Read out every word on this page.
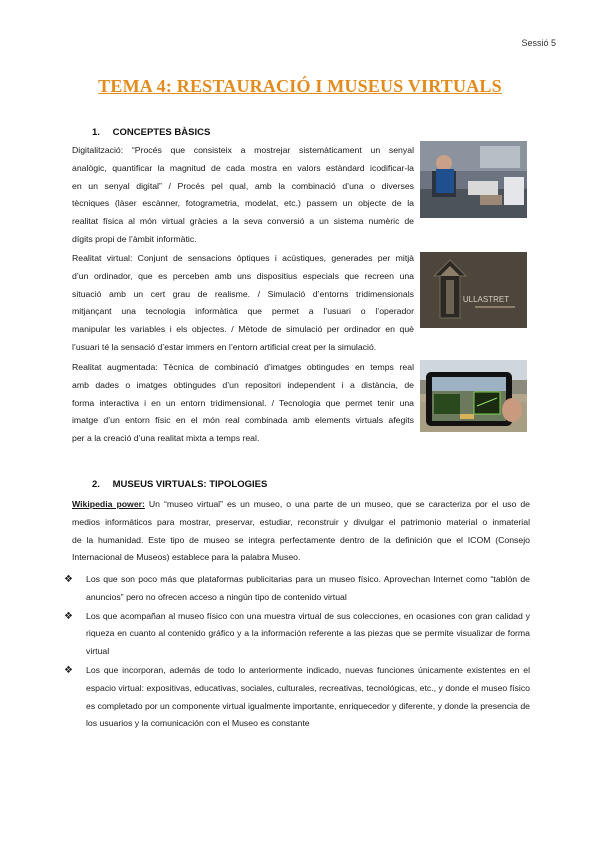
Sessió 5
TEMA 4: RESTAURACIÓ I MUSEUS VIRTUALS
1. CONCEPTES BÀSICS
Digitalització: “Procés que consisteix a mostrejar sistemàticament un senyal
analògic, quantificar la magnitud de cada mostra en valors estàndard icodificar-la
en un senyal digital” / Procés pel qual, amb la combinació d’una o diverses
tècniques (làser escànner, fotogrametria, modelat, etc.) passem un objecte de la
realitat física al món virtual gràcies a la seva conversió a un sistema numèric de
dígits propi de l’àmbit informàtic.
Realitat virtual: Conjunt de sensacions òptiques i acústiques, generades per mitjà
d’un ordinador, que es perceben amb uns dispositius especials que recreen una
situació amb un cert grau de realisme. / Simulació d’entorns tridimensionals
mitjançant una tecnologia informàtica que permet a l’usuari o l’operador
manipular les variables i els objectes. / Mètode de simulació per ordinador en què
l’usuari té la sensació d’estar immers en l’entorn artificial creat per la simulació.
Realitat augmentada: Tècnica de combinació d’imatges obtingudes en temps real
amb dades o imatges obtingudes d’un repositori independent i a distància, de
forma interactiva i en un entorn tridimensional. / Tecnologia que permet tenir una
imatge d’un entorn físic en el món real combinada amb elements virtuals afegits
per a la creació d’una realitat mixta a temps real.
ULLASTRET
2. MUSEUS VIRTUALS: TIPOLOGIES
Wikipedia power: Un “museo virtual” es un museo, o una parte de un museo, que se caracteriza por el uso de
medios informáticos para mostrar, preservar, estudiar, reconstruir y divulgar el patrimonio material o inmaterial
de la humanidad. Este tipo de museo se integra perfectamente dentro de la definición que el ICOM (Consejo
Internacional de Museos) establece para la palabra Museo.
❖ Los que son poco más que plataformas publicitarias para un museo físico. Aprovechan Internet como “tablón de anuncios” pero no ofrecen acceso a ningún tipo de contenido virtual
❖ Los que acompañan al museo físico con una muestra virtual de sus colecciones, en ocasiones con gran calidad y riqueza en cuanto al contenido gráfico y a la información referente a las piezas que se permite visualizar de forma virtual
❖ Los que incorporan, además de todo lo anteriormente indicado, nuevas funciones únicamente existentes en el espacio virtual: expositivas, educativas, sociales, culturales, recreativas, tecnológicas, etc., y donde el museo físico es completado por un componente virtual igualmente importante, enriquecedor y diferente, y donde la presencia de los usuarios y la comunicación con el Museo es constante
